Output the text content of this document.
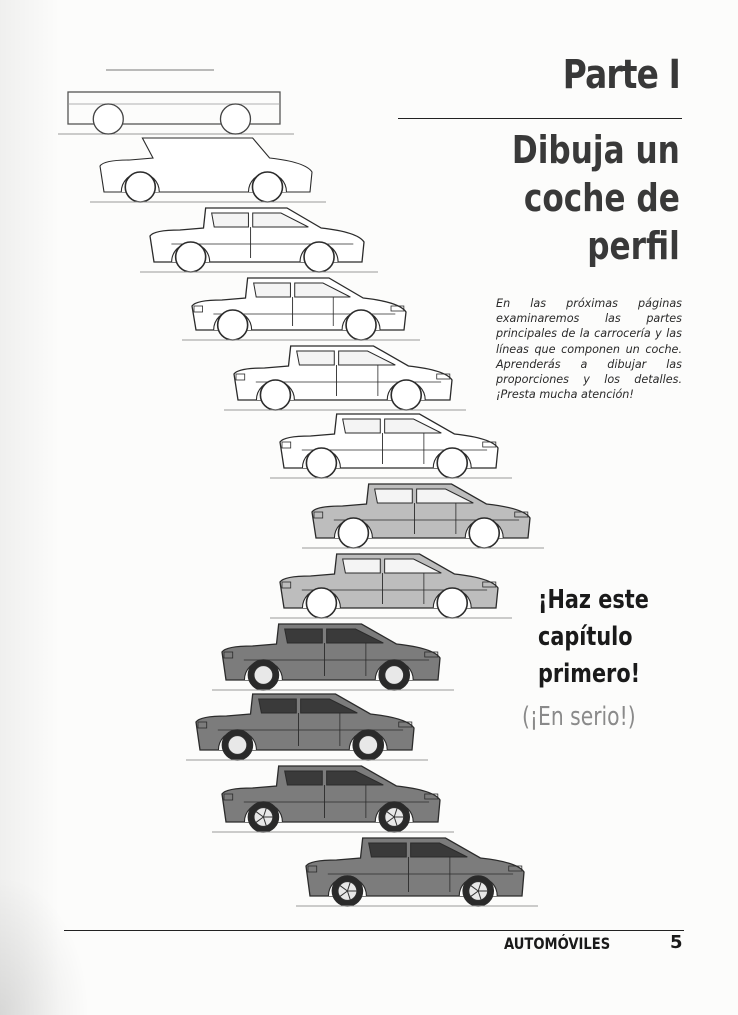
Parte I
Dibuja un
coche de
perfil

En las próximas páginas examinaremos las partes principales de la carrocería y las líneas que componen un coche. Aprenderás a dibujar las proporciones y los detalles. ¡Presta mucha atención!

¡Haz este
capítulo
primero!
(¡En serio!)
AUTOMÓVILES	5
